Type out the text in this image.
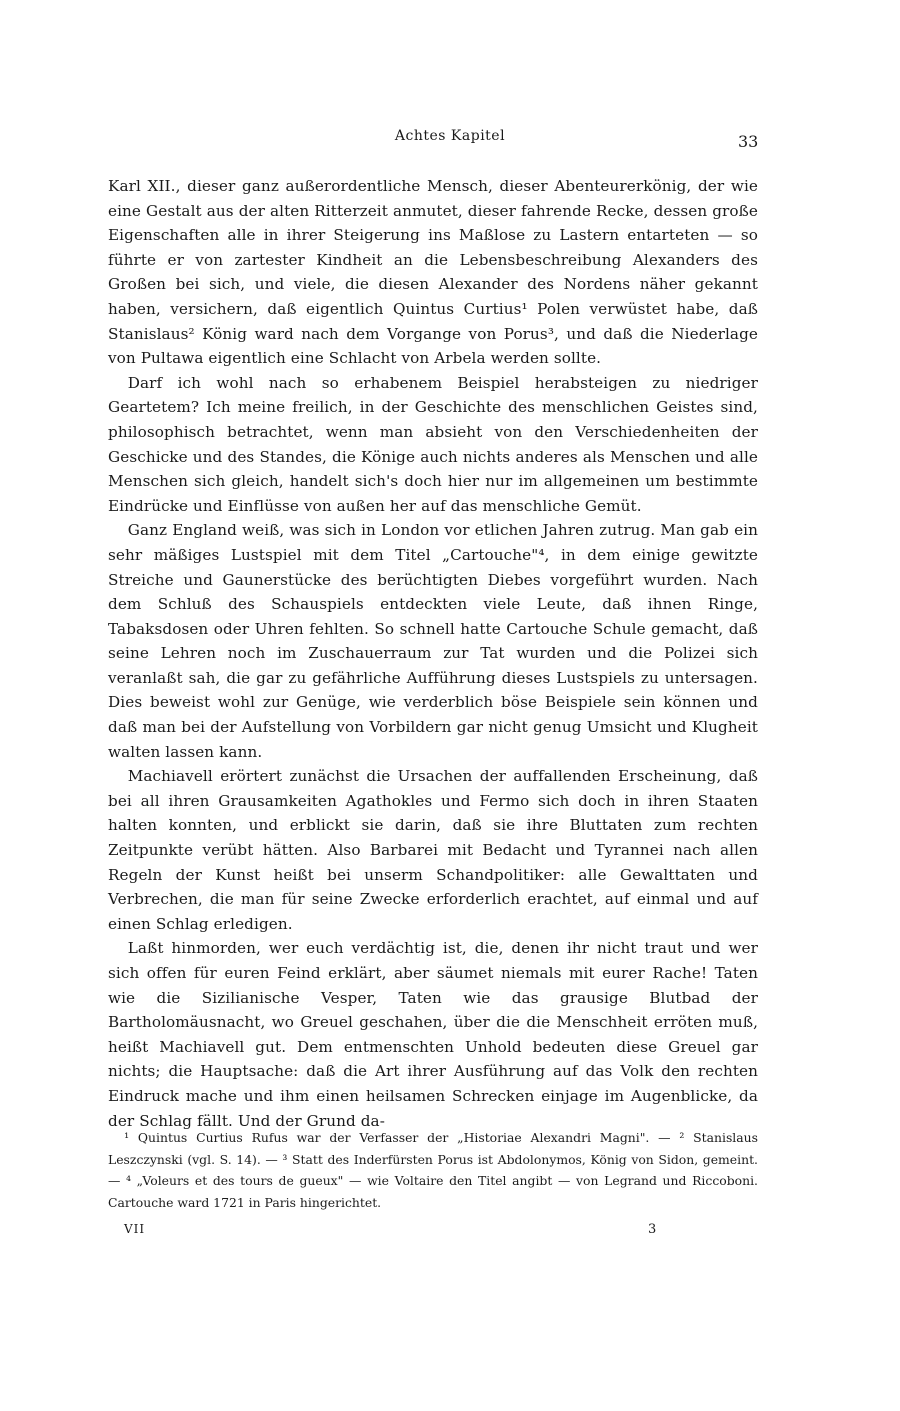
Achtes Kapitel	33

Karl XII., dieser ganz außerordentliche Mensch, dieser Abenteurerkönig, der wie eine Gestalt aus der alten Ritterzeit anmutet, dieser fahrende Recke, dessen große Eigenschaften alle in ihrer Steigerung ins Maßlose zu Lastern entarteten — so führte er von zartester Kindheit an die Lebensbeschreibung Alexanders des Großen bei sich, und viele, die diesen Alexander des Nordens näher gekannt haben, versichern, daß eigentlich Quintus Curtius¹ Polen verwüstet habe, daß Stanislaus² König ward nach dem Vorgange von Porus³, und daß die Niederlage von Pultawa eigentlich eine Schlacht von Arbela werden sollte.

Darf ich wohl nach so erhabenem Beispiel herabsteigen zu niedriger Geartetem? Ich meine freilich, in der Geschichte des menschlichen Geistes sind, philosophisch betrachtet, wenn man absieht von den Verschiedenheiten der Geschicke und des Standes, die Könige auch nichts anderes als Menschen und alle Menschen sich gleich, handelt sich's doch hier nur im allgemeinen um bestimmte Eindrücke und Einflüsse von außen her auf das menschliche Gemüt.

Ganz England weiß, was sich in London vor etlichen Jahren zutrug. Man gab ein sehr mäßiges Lustspiel mit dem Titel „Cartouche"⁴, in dem einige gewitzte Streiche und Gaunerstücke des berüchtigten Diebes vorgeführt wurden. Nach dem Schluß des Schauspiels entdeckten viele Leute, daß ihnen Ringe, Tabaksdosen oder Uhren fehlten. So schnell hatte Cartouche Schule gemacht, daß seine Lehren noch im Zuschauerraum zur Tat wurden und die Polizei sich veranlaßt sah, die gar zu gefährliche Aufführung dieses Lustspiels zu untersagen. Dies beweist wohl zur Genüge, wie verderblich böse Beispiele sein können und daß man bei der Aufstellung von Vorbildern gar nicht genug Umsicht und Klugheit walten lassen kann.

Machiavell erörtert zunächst die Ursachen der auffallenden Erscheinung, daß bei all ihren Grausamkeiten Agathokles und Fermo sich doch in ihren Staaten halten konnten, und erblickt sie darin, daß sie ihre Bluttaten zum rechten Zeitpunkte verübt hätten. Also Barbarei mit Bedacht und Tyrannei nach allen Regeln der Kunst heißt bei unserm Schandpolitiker: alle Gewalttaten und Verbrechen, die man für seine Zwecke erforderlich erachtet, auf einmal und auf einen Schlag erledigen.

Laßt hinmorden, wer euch verdächtig ist, die, denen ihr nicht traut und wer sich offen für euren Feind erklärt, aber säumet niemals mit eurer Rache! Taten wie die Sizilianische Vesper, Taten wie das grausige Blutbad der Bartholomäusnacht, wo Greuel geschahen, über die die Menschheit erröten muß, heißt Machiavell gut. Dem entmenschten Unhold bedeuten diese Greuel gar nichts; die Hauptsache: daß die Art ihrer Ausführung auf das Volk den rechten Eindruck mache und ihm einen heilsamen Schrecken einjage im Augenblicke, da der Schlag fällt. Und der Grund da-

¹ Quintus Curtius Rufus war der Verfasser der „Historiae Alexandri Magni". — ² Stanislaus Leszczynski (vgl. S. 14). — ³ Statt des Inderfürsten Porus ist Abdolonymos, König von Sidon, gemeint. — ⁴ „Voleurs et des tours de gueux" — wie Voltaire den Titel angibt — von Legrand und Riccoboni. Cartouche ward 1721 in Paris hingerichtet.

VII	3
